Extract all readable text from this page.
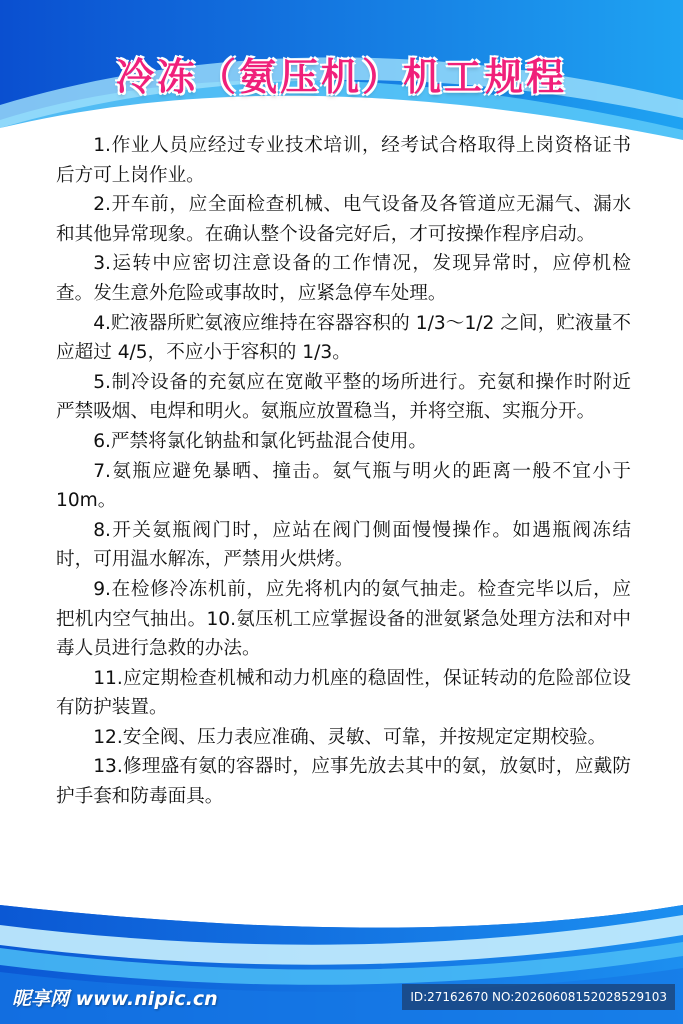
冷冻（氨压机）机工规程

1.作业人员应经过专业技术培训，经考试合格取得上岗资格证书后方可上岗作业。

2.开车前，应全面检查机械、电气设备及各管道应无漏气、漏水和其他异常现象。在确认整个设备完好后，才可按操作程序启动。

3.运转中应密切注意设备的工作情况，发现异常时，应停机检查。发生意外危险或事故时，应紧急停车处理。

4.贮液器所贮氨液应维持在容器容积的 1/3～1/2 之间，贮液量不应超过 4/5，不应小于容积的 1/3。

5.制冷设备的充氨应在宽敞平整的场所进行。充氨和操作时附近严禁吸烟、电焊和明火。氨瓶应放置稳当，并将空瓶、实瓶分开。

6.严禁将氯化钠盐和氯化钙盐混合使用。

7.氨瓶应避免暴晒、撞击。氨气瓶与明火的距离一般不宜小于 10m。

8.开关氨瓶阀门时，应站在阀门侧面慢慢操作。如遇瓶阀冻结时，可用温水解冻，严禁用火烘烤。

9.在检修冷冻机前，应先将机内的氨气抽走。检查完毕以后，应把机内空气抽出。10.氨压机工应掌握设备的泄氨紧急处理方法和对中毒人员进行急救的办法。

11.应定期检查机械和动力机座的稳固性，保证转动的危险部位设有防护装置。

12.安全阀、压力表应准确、灵敏、可靠，并按规定定期校验。

13.修理盛有氨的容器时，应事先放去其中的氨，放氨时，应戴防护手套和防毒面具。

昵享网 www.nipic.cn	ID:27162670 NO:20260608152028529103
